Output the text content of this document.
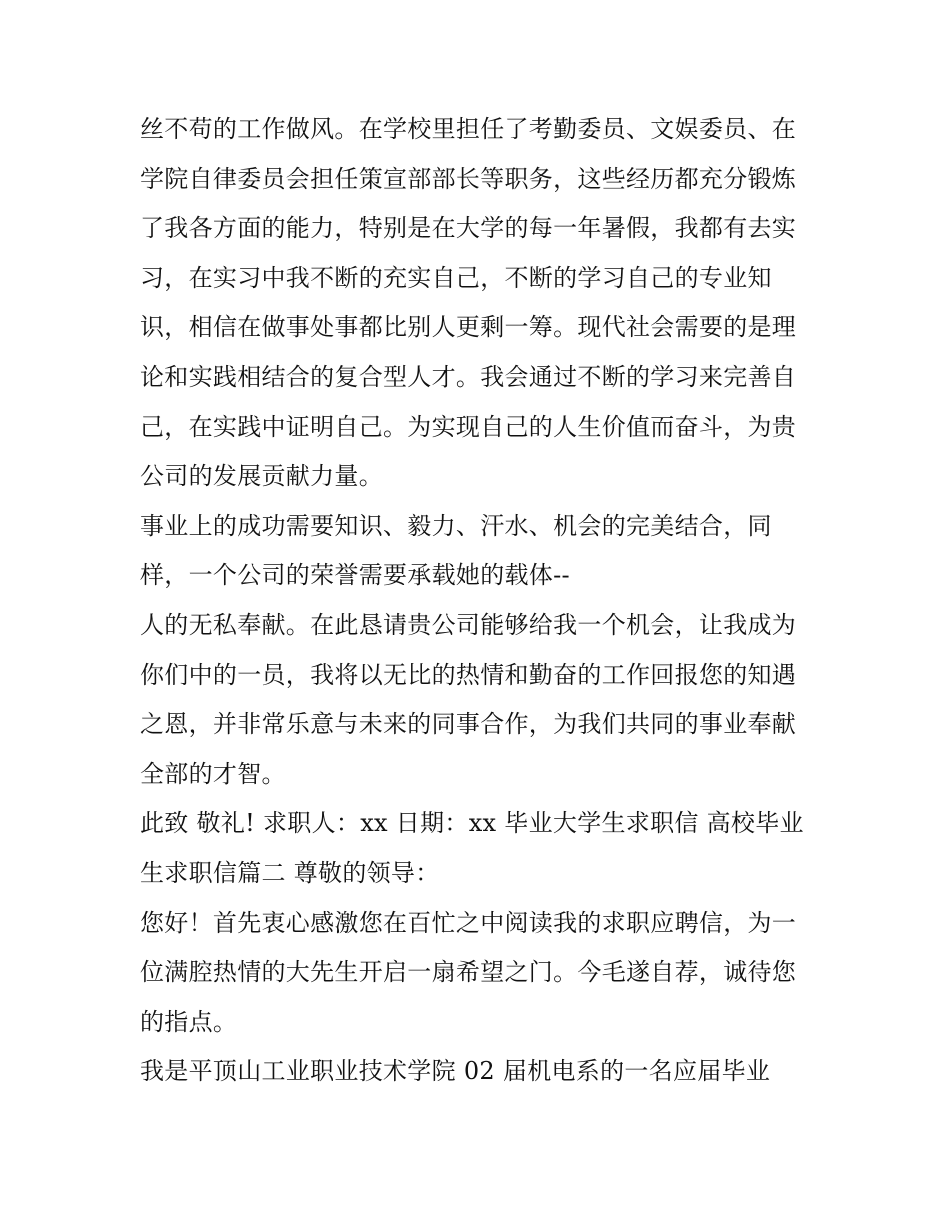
丝不苟的工作做风。在学校里担任了考勤委员、文娱委员、在
学院自律委员会担任策宣部部长等职务，这些经历都充分锻炼
了我各方面的能力，特别是在大学的每一年暑假，我都有去实
习，在实习中我不断的充实自己，不断的学习自己的专业知
识，相信在做事处事都比别人更剩一筹。现代社会需要的是理
论和实践相结合的复合型人才。我会通过不断的学习来完善自
己，在实践中证明自己。为实现自己的人生价值而奋斗，为贵
公司的发展贡献力量。
事业上的成功需要知识、毅力、汗水、机会的完美结合，同
样，一个公司的荣誉需要承载她的载体--
人的无私奉献。在此恳请贵公司能够给我一个机会，让我成为
你们中的一员，我将以无比的热情和勤奋的工作回报您的知遇
之恩，并非常乐意与未来的同事合作，为我们共同的事业奉献
全部的才智。
此致 敬礼! 求职人：xx 日期：xx 毕业大学生求职信 高校毕业
生求职信篇二 尊敬的领导：
您好！首先衷心感激您在百忙之中阅读我的求职应聘信，为一
位满腔热情的大先生开启一扇希望之门。今毛遂自荐，诚待您
的指点。
我是平顶山工业职业技术学院 02 届机电系的一名应届毕业
